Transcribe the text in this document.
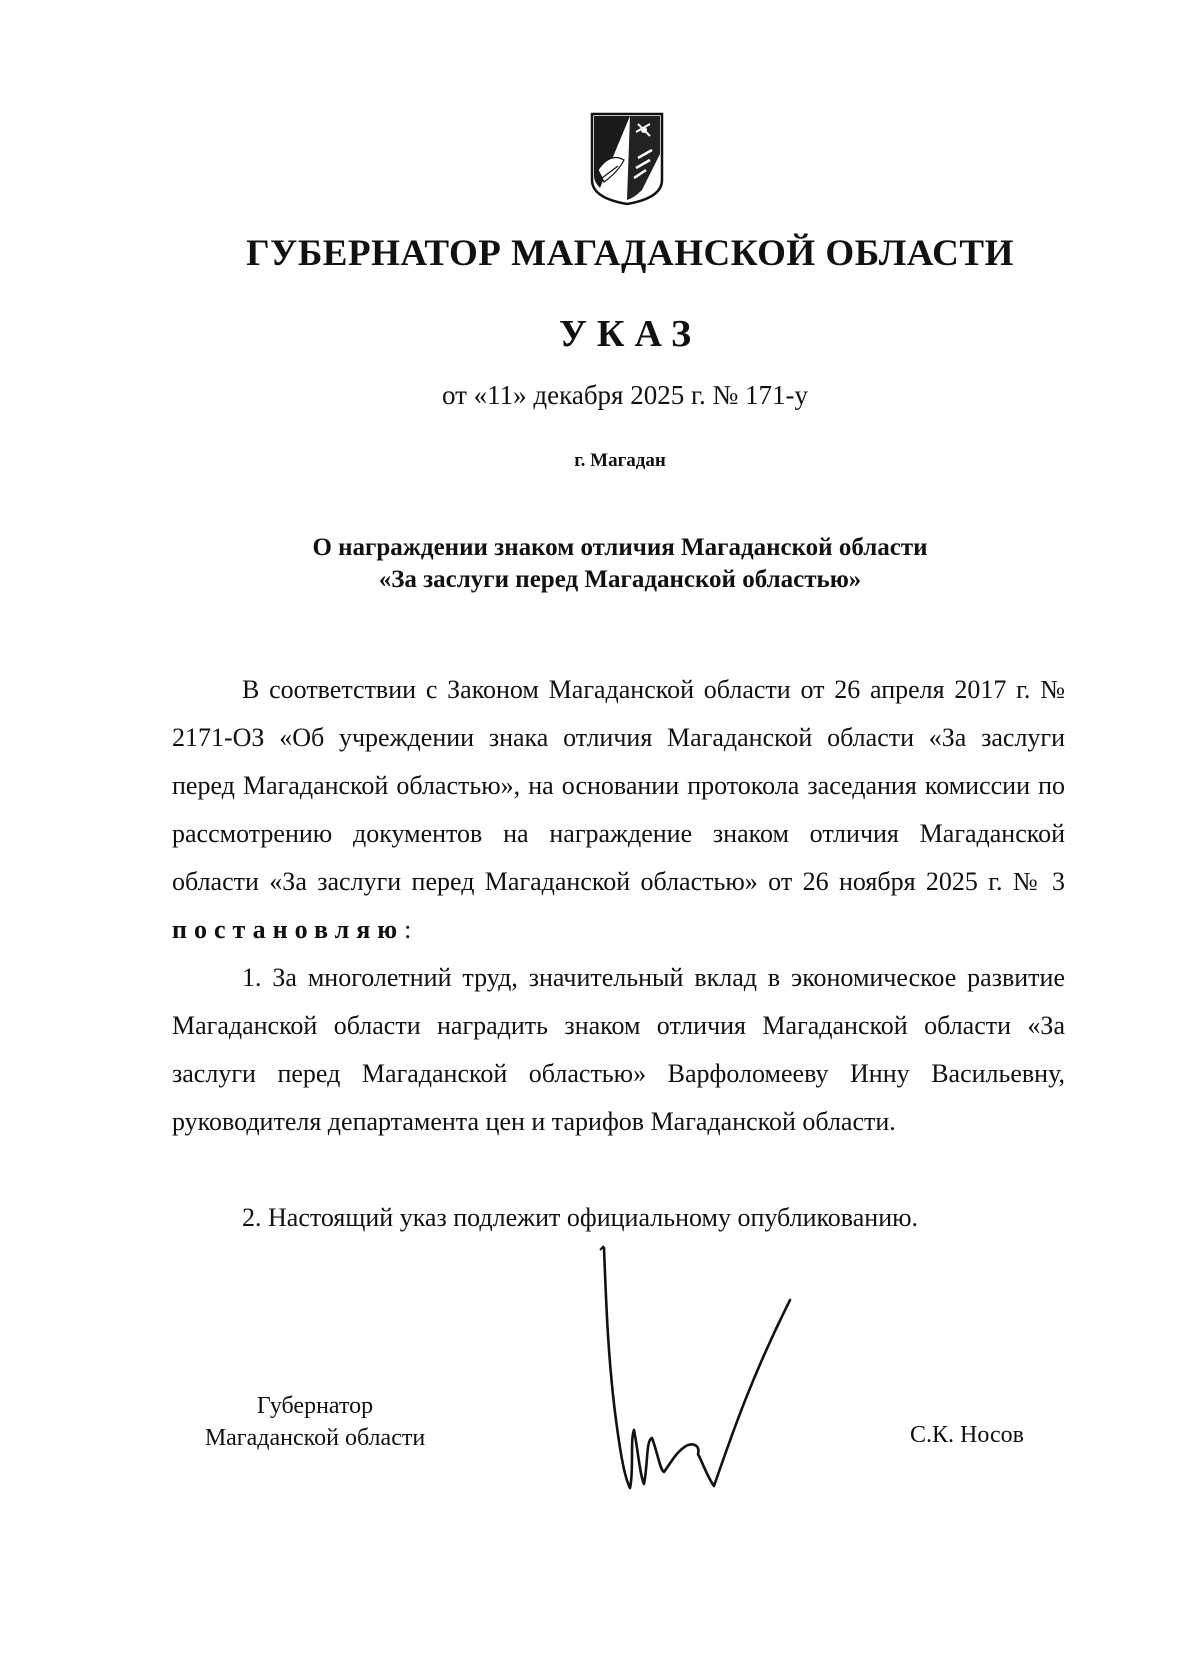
ГУБЕРНАТОР МАГАДАНСКОЙ ОБЛАСТИ
УКАЗ
от «11» декабря 2025 г. № 171-у
г. Магадан
О награждении знаком отличия Магаданской области
«За заслуги перед Магаданской областью»
В соответствии с Законом Магаданской области от 26 апреля 2017 г. № 2171-ОЗ «Об учреждении знака отличия Магаданской области «За заслуги перед Магаданской областью», на основании протокола заседания комиссии по рассмотрению документов на награждение знаком отличия Магаданской области «За заслуги перед Магаданской областью» от 26 ноября 2025 г. № 3 постановляю:
1. За многолетний труд, значительный вклад в экономическое развитие Магаданской области наградить знаком отличия Магаданской области «За заслуги перед Магаданской областью» Варфоломееву Инну Васильевну, руководителя департамента цен и тарифов Магаданской области.
2. Настоящий указ подлежит официальному опубликованию.
Губернатор
Магаданской области	С.К. Носов
